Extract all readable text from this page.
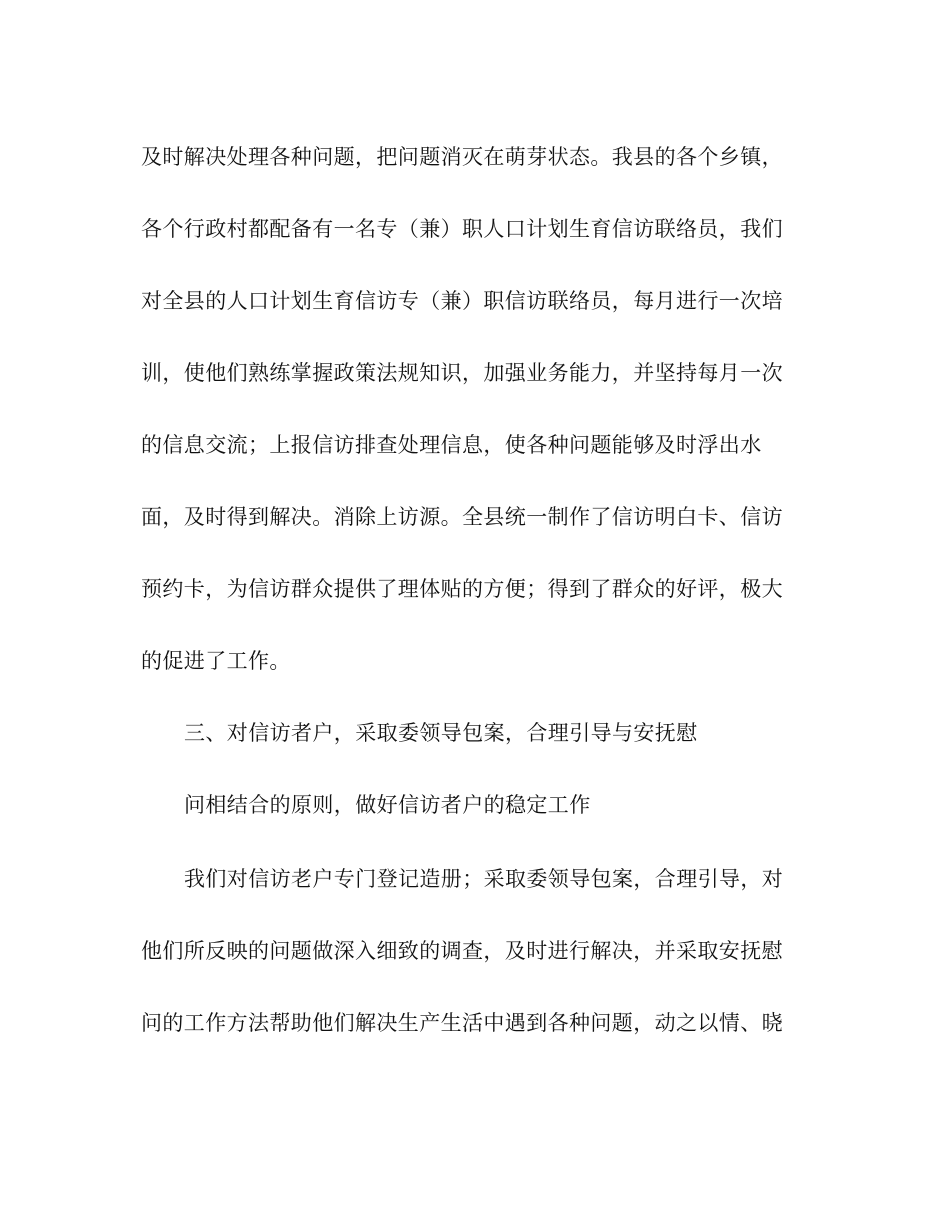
及时解决处理各种问题，把问题消灭在萌芽状态。我县的各个乡镇，
各个行政村都配备有一名专（兼）职人口计划生育信访联络员，我们
对全县的人口计划生育信访专（兼）职信访联络员，每月进行一次培
训，使他们熟练掌握政策法规知识，加强业务能力，并坚持每月一次
的信息交流；上报信访排查处理信息，使各种问题能够及时浮出水
面，及时得到解决。消除上访源。全县统一制作了信访明白卡、信访
预约卡，为信访群众提供了理体贴的方便；得到了群众的好评，极大
的促进了工作。
三、对信访者户，采取委领导包案，合理引导与安抚慰
问相结合的原则，做好信访者户的稳定工作
我们对信访老户专门登记造册；采取委领导包案，合理引导，对
他们所反映的问题做深入细致的调查，及时进行解决，并采取安抚慰
问的工作方法帮助他们解决生产生活中遇到各种问题，动之以情、晓
